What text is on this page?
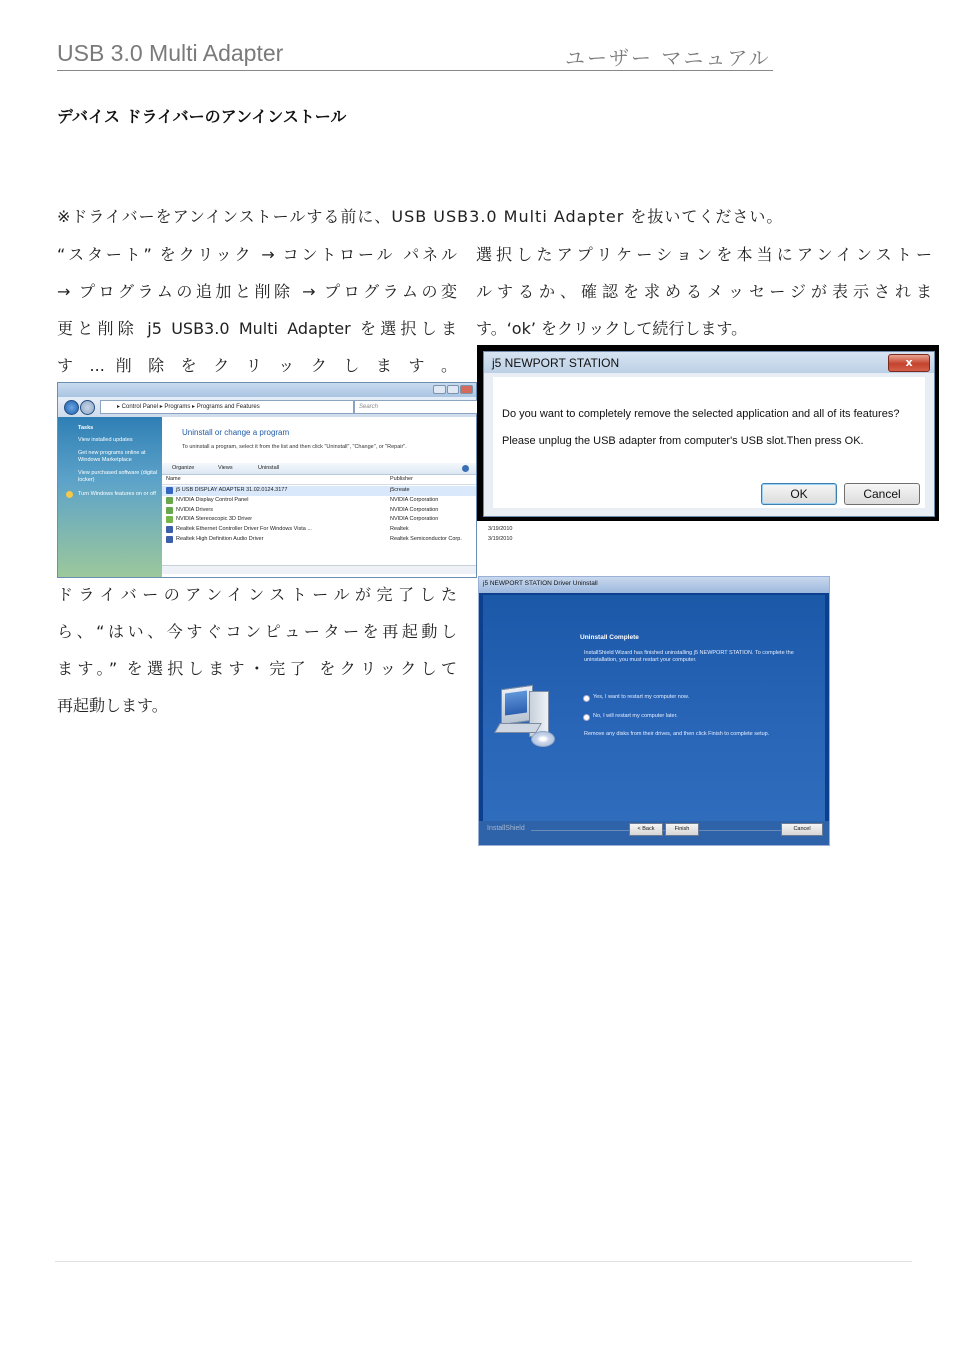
USB 3.0 Multi Adapter	ユーザー マニュアル
デバイス ドライバーのアンインストール
※ドライバーをアンインストールする前に、USB USB3.0 Multi Adapter を抜いてください。
“スタート” をクリック → コントロール パネル
→ プログラムの追加と削除 → プログラムの変
更と削除 j5 USB3.0 Multi Adapter を選択しま
す ... 削 除 を ク リ ッ ク し ま す 。
選択したアプリケーションを本当にアンインストー
ルするか、確認を求めるメッセージが表示されま
す。‘ok’ をクリックして続行します。
ドライバーのアンインストールが完了した
ら、“はい、今すぐコンピューターを再起動し
ます。” を選択します・完了 をクリックして
再起動します。
▸ Control Panel ▸ Programs ▸ Programs and Features	Search
Tasks
View installed updates
Get new programs online at Windows Marketplace
View purchased software (digital locker)
Turn Windows features on or off
Uninstall or change a program
To uninstall a program, select it from the list and then click "Uninstall", "Change", or "Repair".
Organize	Views	Uninstall
Name	Publisher
j5 USB DISPLAY ADAPTER 31.02.0124.3177	j5create
NVIDIA Display Control Panel	NVIDIA Corporation
NVIDIA Drivers	NVIDIA Corporation
NVIDIA Stereoscopic 3D Driver	NVIDIA Corporation
Realtek Ethernet Controller Driver For Windows Vista ...	Realtek	3/19/2010
Realtek High Definition Audio Driver	Realtek Semiconductor Corp.	3/19/2010
j5 NEWPORT STATION	x
Do you want to completely remove the selected application and all of its features?
Please unplug the USB adapter from computer's USB slot.Then press OK.
OK	Cancel
j5 NEWPORT STATION Driver Uninstall
Uninstall Complete
InstallShield Wizard has finished uninstalling j5 NEWPORT STATION. To complete the
uninstallation, you must restart your computer.
Yes, I want to restart my computer now.
No, I will restart my computer later.
Remove any disks from their drives, and then click Finish to complete setup.
InstallShield	< Back	Finish	Cancel
